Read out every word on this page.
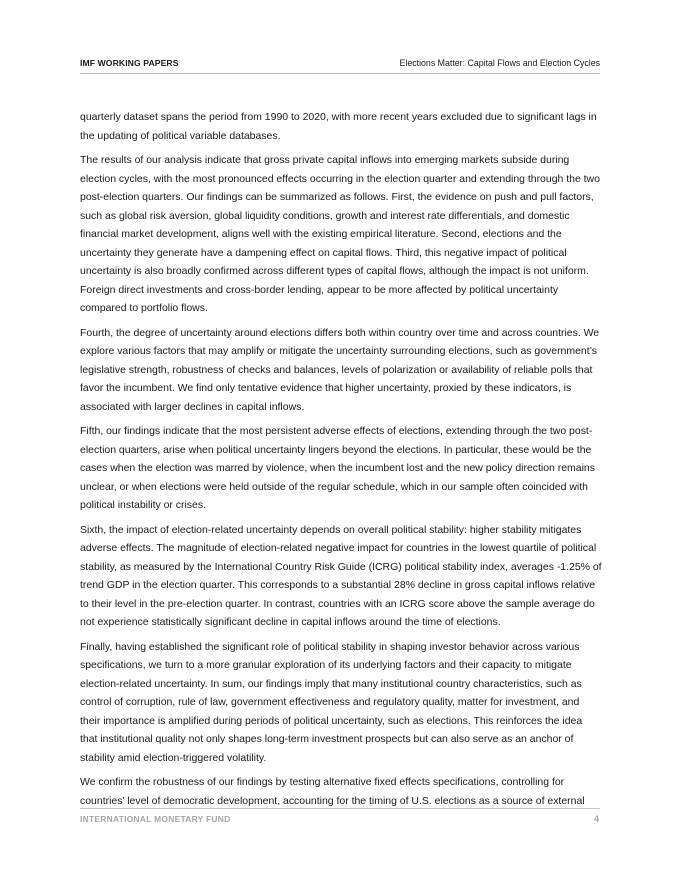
IMF WORKING PAPERS	Elections Matter: Capital Flows and Election Cycles

quarterly dataset spans the period from 1990 to 2020, with more recent years excluded due to significant lags in the updating of political variable databases.

The results of our analysis indicate that gross private capital inflows into emerging markets subside during election cycles, with the most pronounced effects occurring in the election quarter and extending through the two post-election quarters. Our findings can be summarized as follows. First, the evidence on push and pull factors, such as global risk aversion, global liquidity conditions, growth and interest rate differentials, and domestic financial market development, aligns well with the existing empirical literature. Second, elections and the uncertainty they generate have a dampening effect on capital flows. Third, this negative impact of political uncertainty is also broadly confirmed across different types of capital flows, although the impact is not uniform. Foreign direct investments and cross-border lending, appear to be more affected by political uncertainty compared to portfolio flows.

Fourth, the degree of uncertainty around elections differs both within country over time and across countries. We explore various factors that may amplify or mitigate the uncertainty surrounding elections, such as government’s legislative strength, robustness of checks and balances, levels of polarization or availability of reliable polls that favor the incumbent. We find only tentative evidence that higher uncertainty, proxied by these indicators, is associated with larger declines in capital inflows.

Fifth, our findings indicate that the most persistent adverse effects of elections, extending through the two post-election quarters, arise when political uncertainty lingers beyond the elections. In particular, these would be the cases when the election was marred by violence, when the incumbent lost and the new policy direction remains unclear, or when elections were held outside of the regular schedule, which in our sample often coincided with political instability or crises.

Sixth, the impact of election-related uncertainty depends on overall political stability: higher stability mitigates adverse effects. The magnitude of election-related negative impact for countries in the lowest quartile of political stability, as measured by the International Country Risk Guide (ICRG) political stability index, averages -1.25% of trend GDP in the election quarter. This corresponds to a substantial 28% decline in gross capital inflows relative to their level in the pre-election quarter. In contrast, countries with an ICRG score above the sample average do not experience statistically significant decline in capital inflows around the time of elections.

Finally, having established the significant role of political stability in shaping investor behavior across various specifications, we turn to a more granular exploration of its underlying factors and their capacity to mitigate election-related uncertainty. In sum, our findings imply that many institutional country characteristics, such as control of corruption, rule of law, government effectiveness and regulatory quality, matter for investment, and their importance is amplified during periods of political uncertainty, such as elections. This reinforces the idea that institutional quality not only shapes long-term investment prospects but can also serve as an anchor of stability amid election-triggered volatility.

We confirm the robustness of our findings by testing alternative fixed effects specifications, controlling for countries’ level of democratic development, accounting for the timing of U.S. elections as a source of external

INTERNATIONAL MONETARY FUND	4
